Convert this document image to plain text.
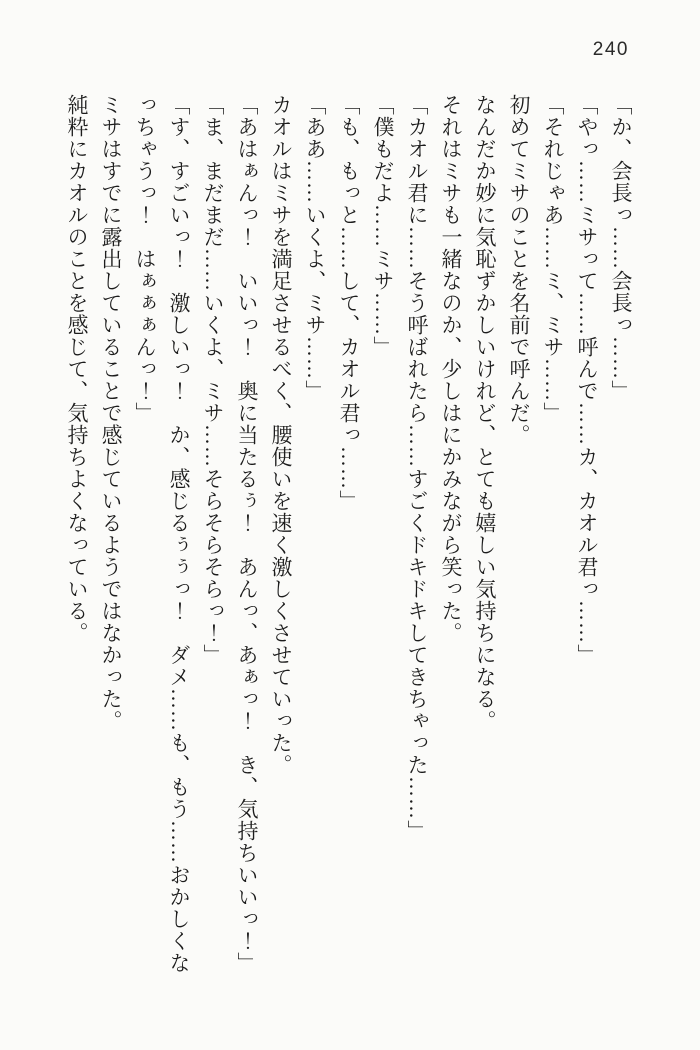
240
「か、会長っ……会長っ……」
「やっ……ミサって……呼んで……カ、カオル君っ……」
「それじゃあ……ミ、ミサ……」
初めてミサのことを名前で呼んだ。
なんだか妙に気恥ずかしいけれど、とても嬉しい気持ちになる。
それはミサも一緒なのか、少しはにかみながら笑った。
「カオル君に……そう呼ばれたら……すごくドキドキしてきちゃった……」
「僕もだよ……ミサ……」
「も、もっと……して、カオル君っ……」
「ああ……いくよ、ミサ……」
カオルはミサを満足させるべく、腰使いを速く激しくさせていった。
「あはぁんっ！　いいっ！　奥に当たるぅ！　あんっ、あぁっ！　き、気持ちいいっ！」
「ま、まだまだ……いくよ、ミサ……そらそらそらっ！」
「す、すごいっ！　激しいっ！　か、感じるぅぅっ！　ダメ……も、もう……おかしくな
っちゃうっ！　はぁぁぁんっ！」
ミサはすでに露出していることで感じているようではなかった。
純粋にカオルのことを感じて、気持ちよくなっている。
